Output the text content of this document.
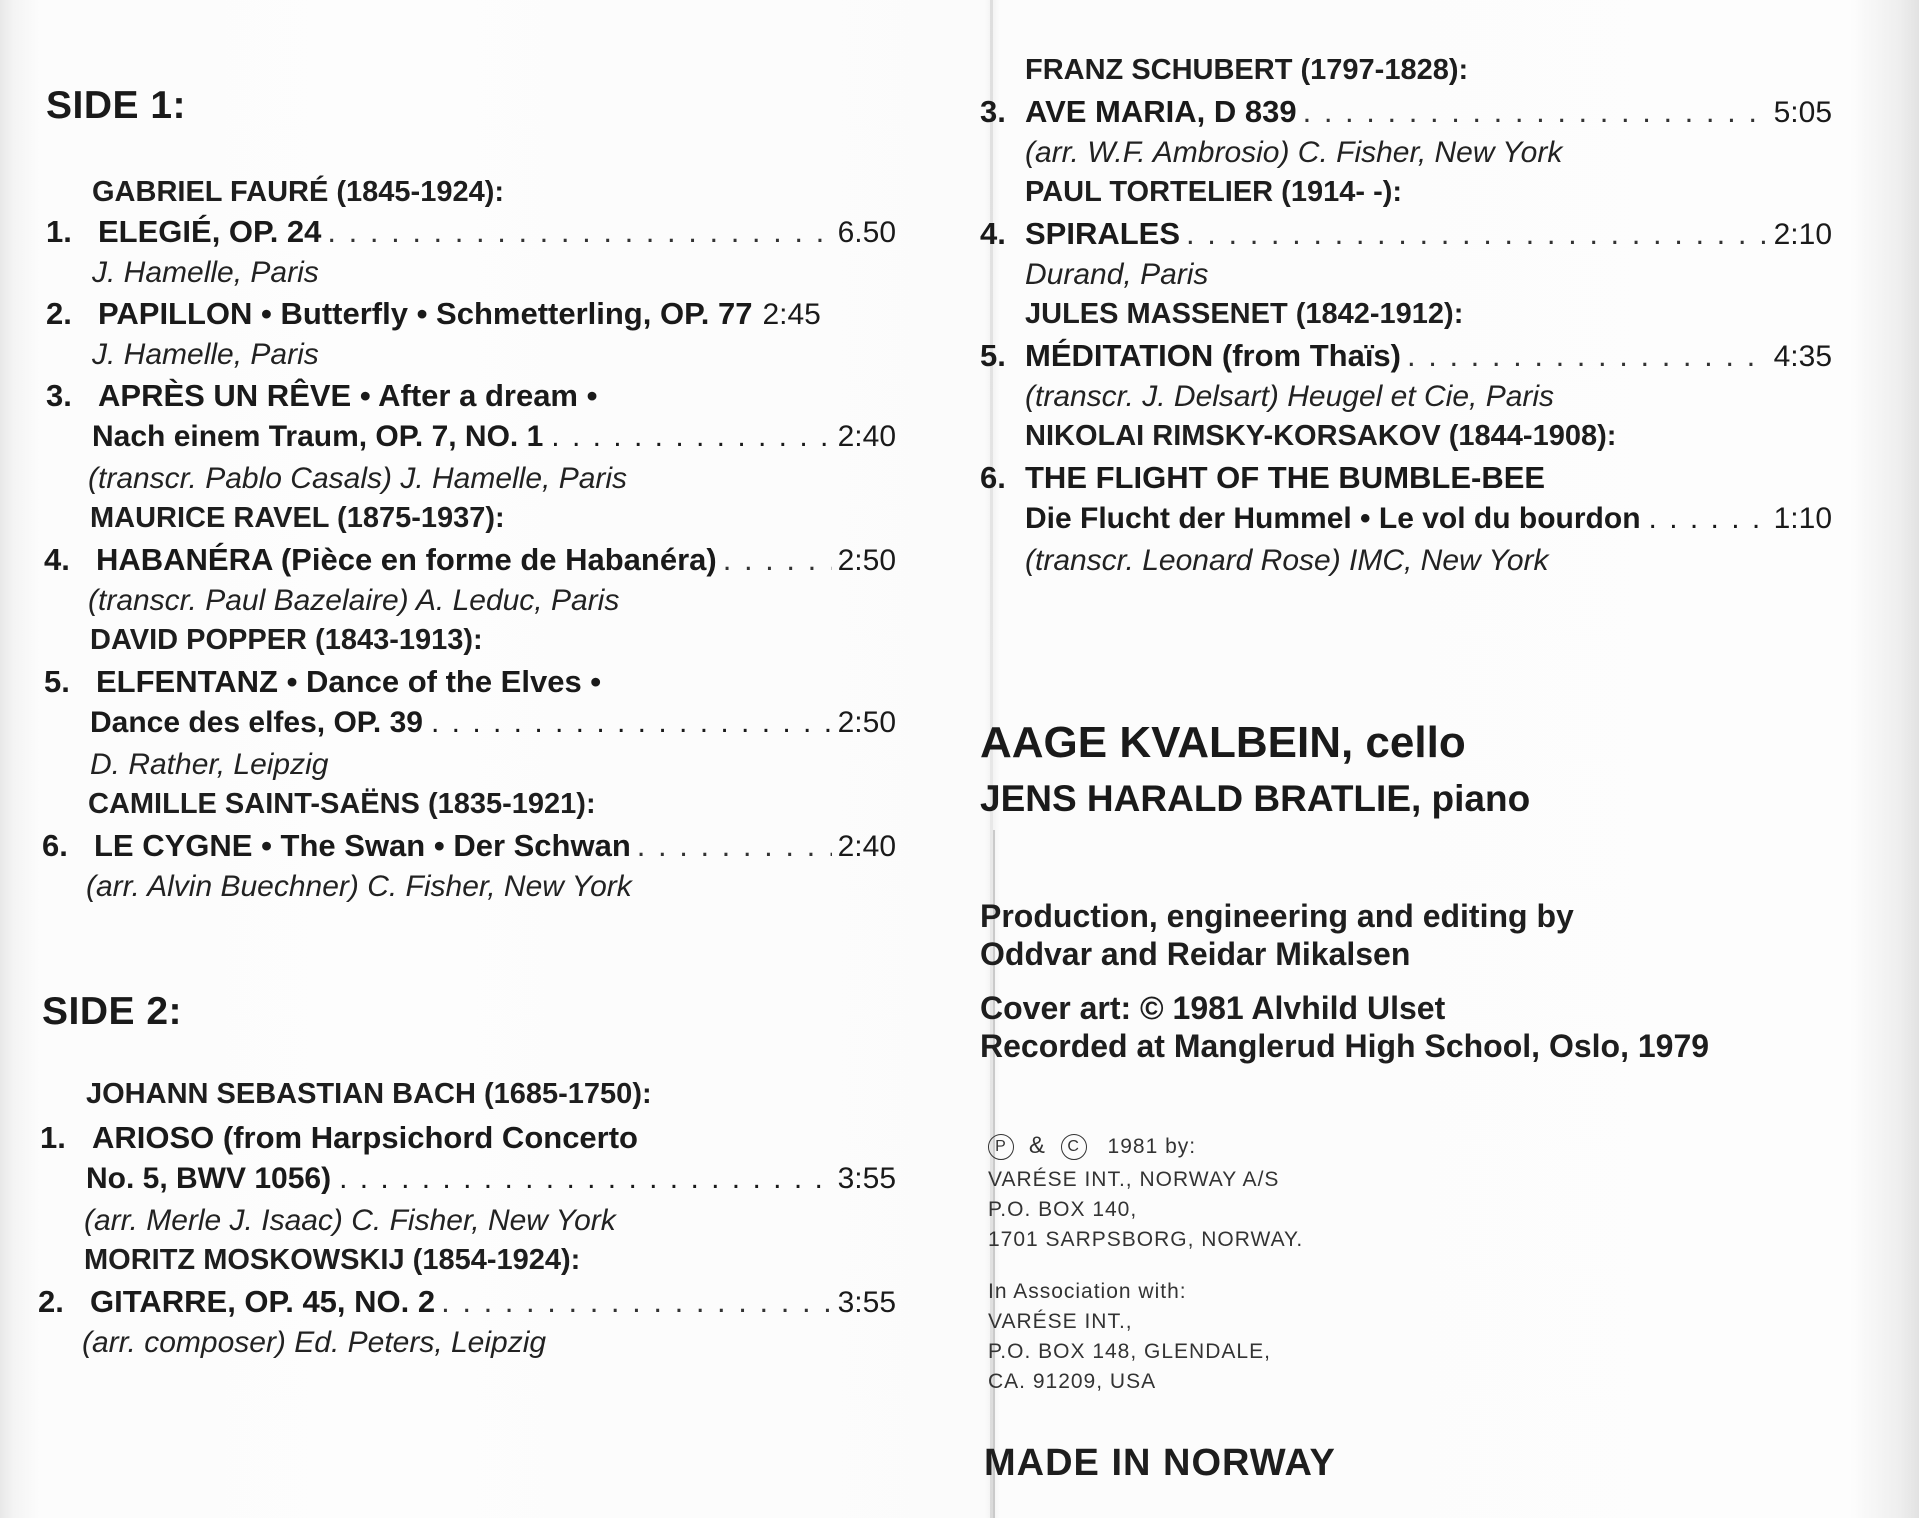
SIDE 1:
GABRIEL FAURÉ (1845-1924):
1. ELEGIÉ, OP. 24 . . .	6.50
J. Hamelle, Paris
2. PAPILLON • Butterfly • Schmetterling, OP. 77 2:45
J. Hamelle, Paris
3. APRÈS UN RÊVE • After a dream •
Nach einem Traum, OP. 7, NO. 1 . . .	2:40
(transcr. Pablo Casals) J. Hamelle, Paris
MAURICE RAVEL (1875-1937):
4. HABANÉRA (Pièce en forme de Habanéra) . . .	2:50
(transcr. Paul Bazelaire) A. Leduc, Paris
DAVID POPPER (1843-1913):
5. ELFENTANZ • Dance of the Elves •
Dance des elfes, OP. 39 . . .	2:50
D. Rather, Leipzig
CAMILLE SAINT-SAËNS (1835-1921):
6. LE CYGNE • The Swan • Der Schwan . . .	2:40
(arr. Alvin Buechner) C. Fisher, New York
SIDE 2:
JOHANN SEBASTIAN BACH (1685-1750):
1. ARIOSO (from Harpsichord Concerto
No. 5, BWV 1056) . . .	3:55
(arr. Merle J. Isaac) C. Fisher, New York
MORITZ MOSKOWSKIJ (1854-1924):
2. GITARRE, OP. 45, NO. 2 . . .	3:55
(arr. composer) Ed. Peters, Leipzig
FRANZ SCHUBERT (1797-1828):
3. AVE MARIA, D 839 . . .	5:05
(arr. W.F. Ambrosio) C. Fisher, New York
PAUL TORTELIER (1914- -):
4. SPIRALES . . .	2:10
Durand, Paris
JULES MASSENET (1842-1912):
5. MÉDITATION (from Thaïs) . . .	4:35
(transcr. J. Delsart) Heugel et Cie, Paris
NIKOLAI RIMSKY-KORSAKOV (1844-1908):
6. THE FLIGHT OF THE BUMBLE-BEE
Die Flucht der Hummel • Le vol du bourdon . . .	1:10
(transcr. Leonard Rose) IMC, New York
AAGE KVALBEIN, cello
JENS HARALD BRATLIE, piano
Production, engineering and editing by
Oddvar and Reidar Mikalsen
Cover art: © 1981 Alvhild Ulset
Recorded at Manglerud High School, Oslo, 1979
P & C 1981 by:
VARÉSE INT., NORWAY A/S
P.O. BOX 140,
1701 SARPSBORG, NORWAY.
In Association with:
VARÉSE INT.,
P.O. BOX 148, GLENDALE,
CA. 91209, USA
MADE IN NORWAY
